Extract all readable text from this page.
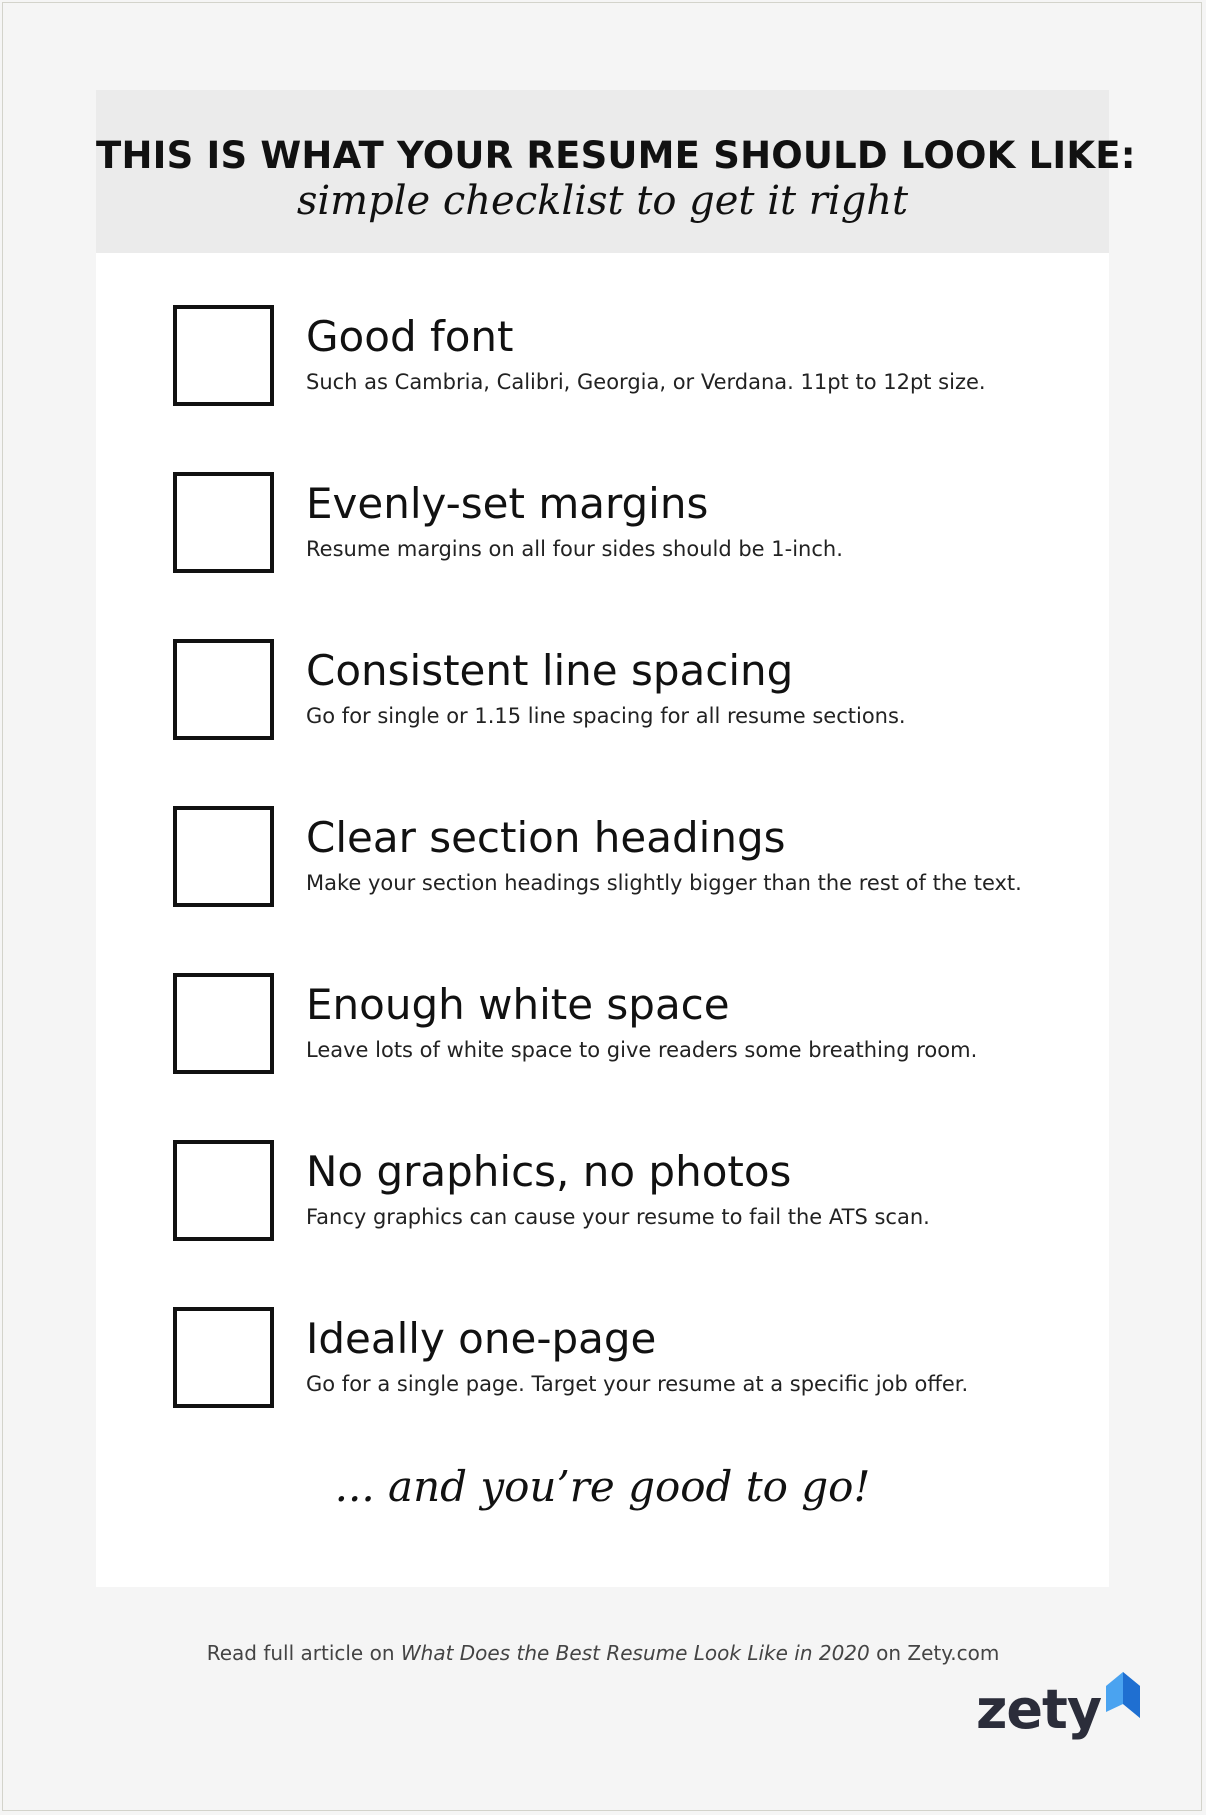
THIS IS WHAT YOUR RESUME SHOULD LOOK LIKE:
simple checklist to get it right
Good font
Such as Cambria, Calibri, Georgia, or Verdana. 11pt to 12pt size.
Evenly-set margins
Resume margins on all four sides should be 1-inch.
Consistent line spacing
Go for single or 1.15 line spacing for all resume sections.
Clear section headings
Make your section headings slightly bigger than the rest of the text.
Enough white space
Leave lots of white space to give readers some breathing room.
No graphics, no photos
Fancy graphics can cause your resume to fail the ATS scan.
Ideally one-page
Go for a single page. Target your resume at a specific job offer.
... and you’re good to go!
Read full article on What Does the Best Resume Look Like in 2020 on Zety.com
zety
